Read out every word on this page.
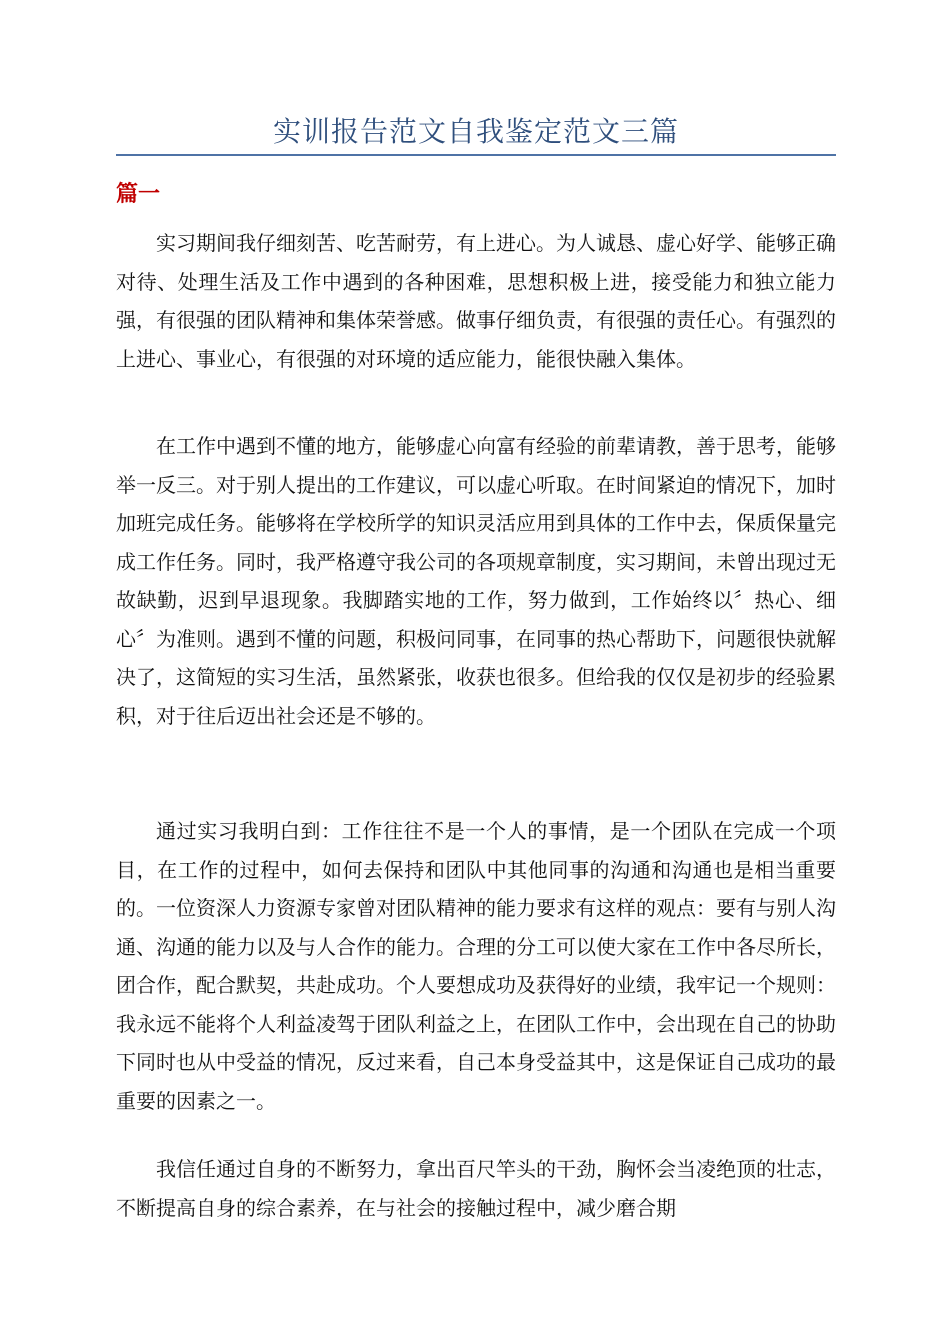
实训报告范文自我鉴定范文三篇
篇一

实习期间我仔细刻苦、吃苦耐劳，有上进心。为人诚恳、虚心好学、能够正确对待、处理生活及工作中遇到的各种困难，思想积极上进，接受能力和独立能力强，有很强的团队精神和集体荣誉感。做事仔细负责，有很强的责任心。有强烈的上进心、事业心，有很强的对环境的适应能力，能很快融入集体。

在工作中遇到不懂的地方，能够虚心向富有经验的前辈请教，善于思考，能够举一反三。对于别人提出的工作建议，可以虚心听取。在时间紧迫的情况下，加时加班完成任务。能够将在学校所学的知识灵活应用到具体的工作中去，保质保量完成工作任务。同时，我严格遵守我公司的各项规章制度，实习期间，未曾出现过无故缺勤，迟到早退现象。我脚踏实地的工作，努力做到，工作始终以〞热心、细心〞为准则。遇到不懂的问题，积极问同事，在同事的热心帮助下，问题很快就解决了，这简短的实习生活，虽然紧张，收获也很多。但给我的仅仅是初步的经验累积，对于往后迈出社会还是不够的。

通过实习我明白到：工作往往不是一个人的事情，是一个团队在完成一个项目，在工作的过程中，如何去保持和团队中其他同事的沟通和沟通也是相当重要的。一位资深人力资源专家曾对团队精神的能力要求有这样的观点：要有与别人沟通、沟通的能力以及与人合作的能力。合理的分工可以使大家在工作中各尽所长，团合作，配合默契，共赴成功。个人要想成功及获得好的业绩，我牢记一个规则：我永远不能将个人利益凌驾于团队利益之上，在团队工作中，会出现在自己的协助下同时也从中受益的情况，反过来看，自己本身受益其中，这是保证自己成功的最重要的因素之一。

我信任通过自身的不断努力，拿出百尺竿头的干劲，胸怀会当凌绝顶的壮志，不断提高自身的综合素养，在与社会的接触过程中，减少磨合期
